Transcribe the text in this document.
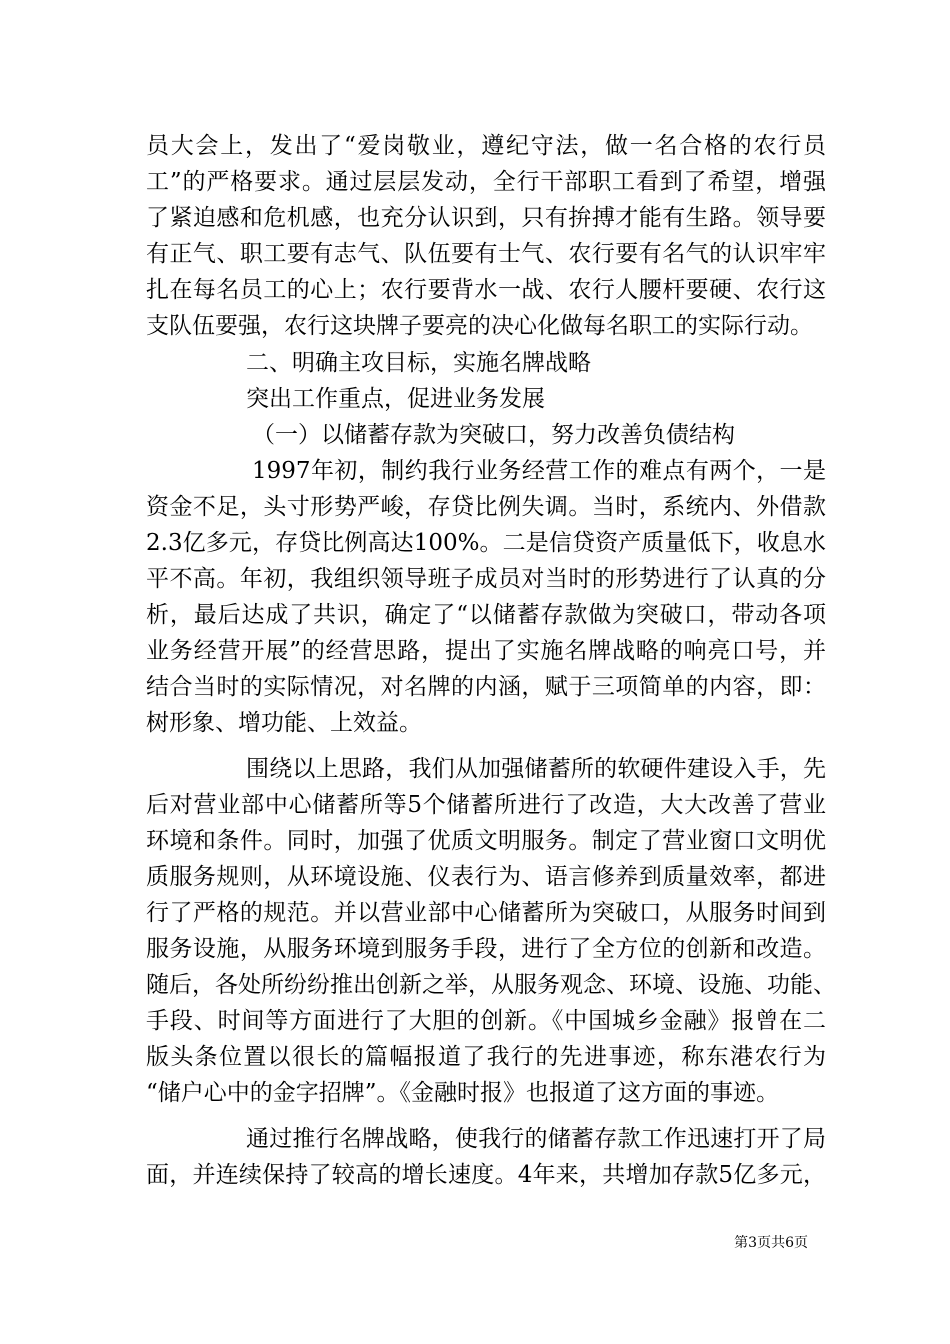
员大会上，发出了“爱岗敬业，遵纪守法，做一名合格的农行员
工”的严格要求。通过层层发动，全行干部职工看到了希望，增强
了紧迫感和危机感，也充分认识到，只有拚搏才能有生路。领导要
有正气、职工要有志气、队伍要有士气、农行要有名气的认识牢牢
扎在每名员工的心上；农行要背水一战、农行人腰杆要硬、农行这
支队伍要强，农行这块牌子要亮的决心化做每名职工的实际行动。
二、明确主攻目标，实施名牌战略
突出工作重点，促进业务发展
（一）以储蓄存款为突破口，努力改善负债结构
1997年初，制约我行业务经营工作的难点有两个，一是
资金不足，头寸形势严峻，存贷比例失调。当时，系统内、外借款
2.3亿多元，存贷比例高达100%。二是信贷资产质量低下，收息水
平不高。年初，我组织领导班子成员对当时的形势进行了认真的分
析，最后达成了共识，确定了“以储蓄存款做为突破口，带动各项
业务经营开展”的经营思路，提出了实施名牌战略的响亮口号，并
结合当时的实际情况，对名牌的内涵，赋于三项简单的内容，即：
树形象、增功能、上效益。
围绕以上思路，我们从加强储蓄所的软硬件建设入手，先
后对营业部中心储蓄所等5个储蓄所进行了改造，大大改善了营业
环境和条件。同时，加强了优质文明服务。制定了营业窗口文明优
质服务规则，从环境设施、仪表行为、语言修养到质量效率，都进
行了严格的规范。并以营业部中心储蓄所为突破口，从服务时间到
服务设施，从服务环境到服务手段，进行了全方位的创新和改造。
随后，各处所纷纷推出创新之举，从服务观念、环境、设施、功能、
手段、时间等方面进行了大胆的创新。《中国城乡金融》报曾在二
版头条位置以很长的篇幅报道了我行的先进事迹，称东港农行为
“储户心中的金字招牌”。《金融时报》也报道了这方面的事迹。
通过推行名牌战略，使我行的储蓄存款工作迅速打开了局
面，并连续保持了较高的增长速度。4年来，共增加存款5亿多元，
第3页共6页
